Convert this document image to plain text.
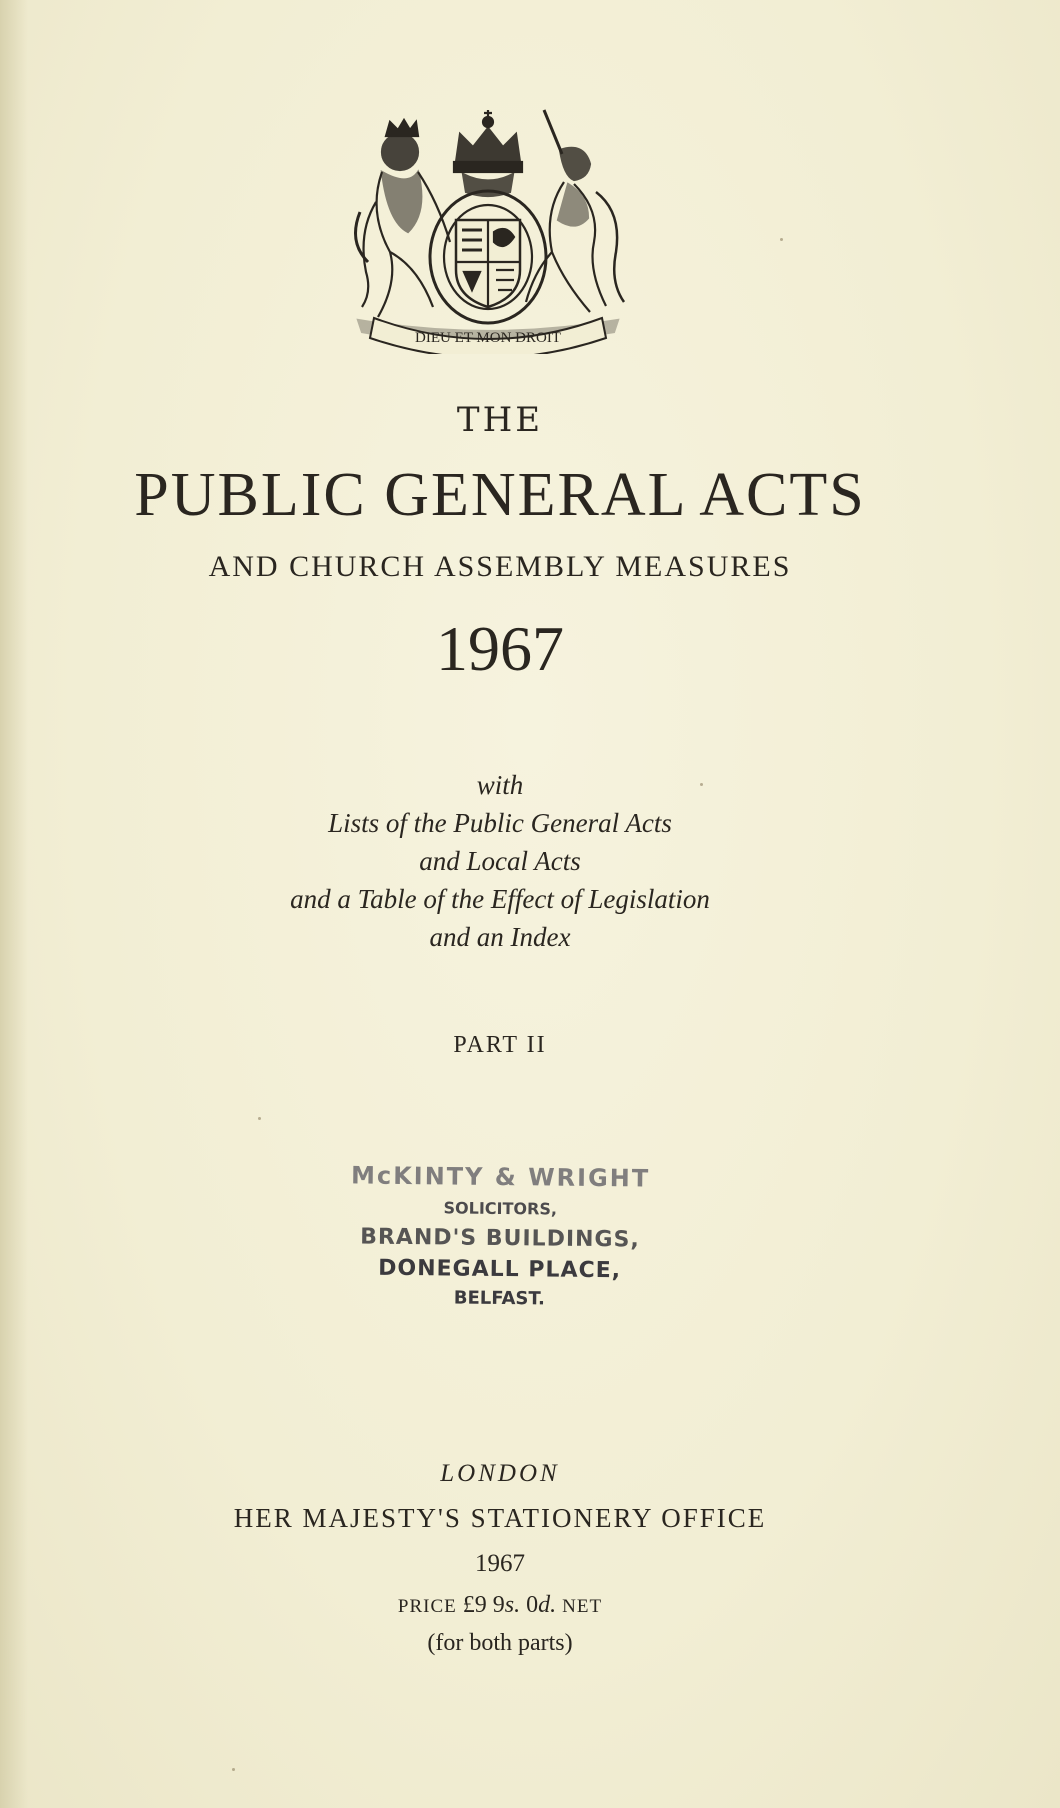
DIEU ET MON DROIT

THE
PUBLIC GENERAL ACTS
AND CHURCH ASSEMBLY MEASURES
1967
with
Lists of the Public General Acts
and Local Acts
and a Table of the Effect of Legislation
and an Index
PART II
McKINTY & WRIGHT
SOLICITORS,
BRAND'S BUILDINGS,
DONEGALL PLACE,
BELFAST.
LONDON
HER MAJESTY'S STATIONERY OFFICE
1967
PRICE £9 9s. 0d. NET
(for both parts)
